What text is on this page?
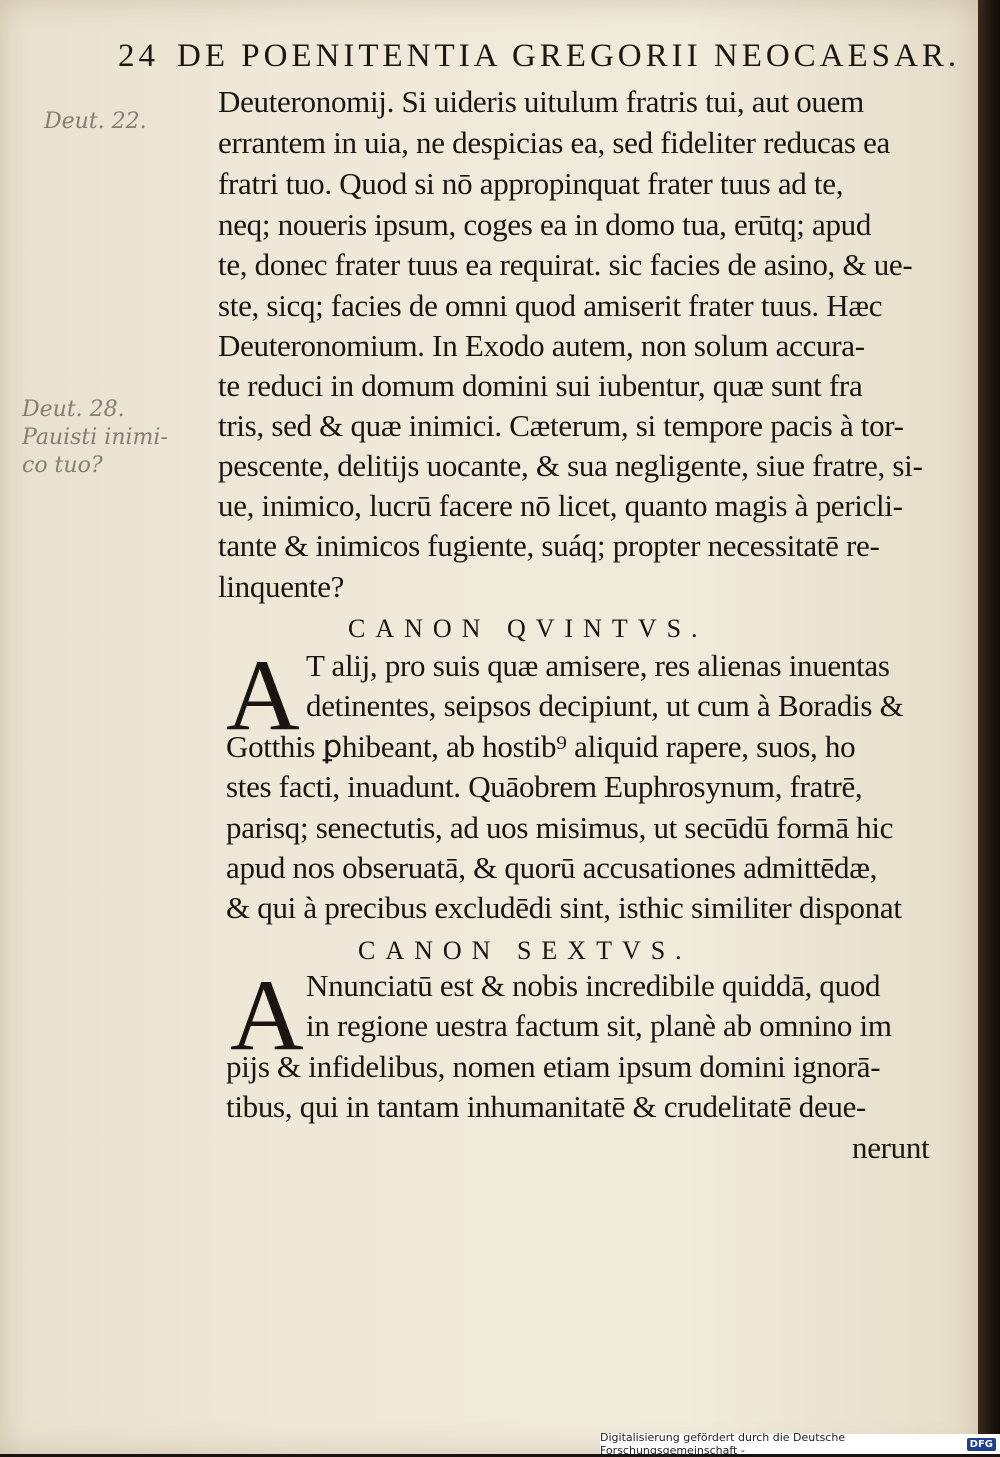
24 DE POENITENTIA GREGORII NEOCAESAR.
Deut. 22.
Deut. 28.
Pauisti inimi-
co tuo?
Deuteronomij. Si uideris uitulum fratris tui, aut ouem
errantem in uia, ne despicias ea, sed fideliter reducas ea
fratri tuo. Quod si nō appropinquat frater tuus ad te,
neq; noueris ipsum, coges ea in domo tua, erūtq; apud
te, donec frater tuus ea requirat. sic facies de asino, & ue-
ste, sicq; facies de omni quod amiserit frater tuus. Hæc
Deuteronomium. In Exodo autem, non solum accura-
te reduci in domum domini sui iubentur, quæ sunt fra
tris, sed & quæ inimici. Cæterum, si tempore pacis à tor-
pescente, delitijs uocante, & sua negligente, siue fratre, si-
ue, inimico, lucrū facere nō licet, quanto magis à pericli-
tante & inimicos fugiente, suáq; propter necessitatē re-
linquente?
CANON QVINTVS.
A T alij, pro suis quæ amisere, res alienas inuentas
detinentes, seipsos decipiunt, ut cum à Boradis &
Gotthis ꝑhibeant, ab hostib⁹ aliquid rapere, suos, ho
stes facti, inuadunt. Quāobrem Euphrosynum, fratrē,
parisq; senectutis, ad uos misimus, ut secūdū formā hic
apud nos obseruatā, & quorū accusationes admittēdæ,
& qui à precibus excludēdi sint, isthic similiter disponat
CANON SEXTVS.
A Nnunciatū est & nobis incredibile quiddā, quod
in regione uestra factum sit, planè ab omnino im
pijs & infidelibus, nomen etiam ipsum domini ignorā-
tibus, qui in tantam inhumanitatē & crudelitatē deue-
nerunt
Digitalisierung gefördert durch die Deutsche Forschungsgemeinschaft -	DFG
